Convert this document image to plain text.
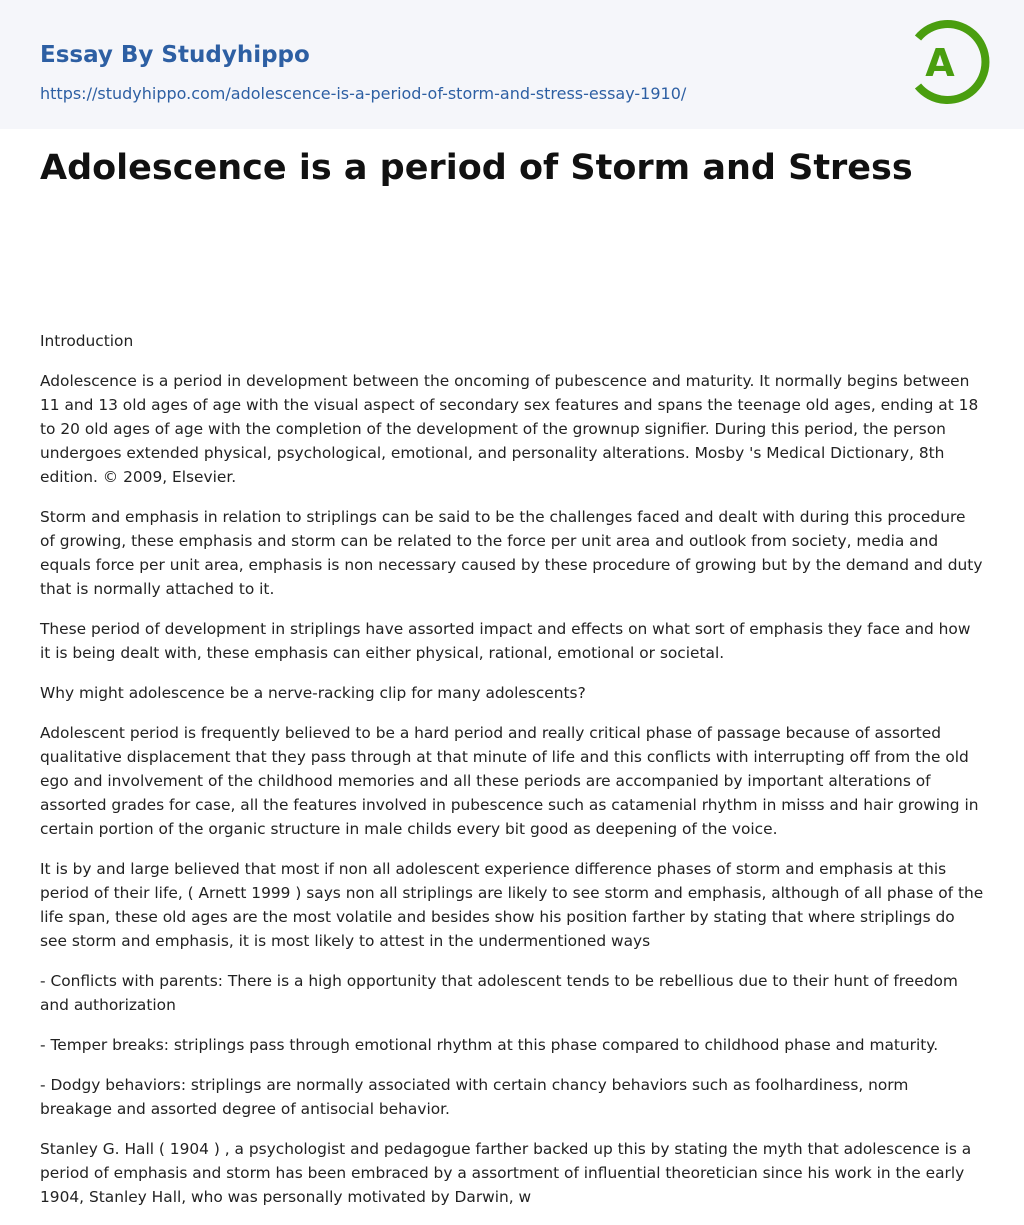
Essay By Studyhippo
https://studyhippo.com/adolescence-is-a-period-of-storm-and-stress-essay-1910/
A
Adolescence is a period of Storm and Stress

Introduction

Adolescence is a period in development between the oncoming of pubescence and maturity. It normally begins between 11 and 13 old ages of age with the visual aspect of secondary sex features and spans the teenage old ages, ending at 18 to 20 old ages of age with the completion of the development of the grownup signifier. During this period, the person undergoes extended physical, psychological, emotional, and personality alterations. Mosby 's Medical Dictionary, 8th edition. © 2009, Elsevier.

Storm and emphasis in relation to striplings can be said to be the challenges faced and dealt with during this procedure of growing, these emphasis and storm can be related to the force per unit area and outlook from society, media and equals force per unit area, emphasis is non necessary caused by these procedure of growing but by the demand and duty that is normally attached to it.

These period of development in striplings have assorted impact and effects on what sort of emphasis they face and how it is being dealt with, these emphasis can either physical, rational, emotional or societal.

Why might adolescence be a nerve-racking clip for many adolescents?

Adolescent period is frequently believed to be a hard period and really critical phase of passage because of assorted qualitative displacement that they pass through at that minute of life and this conflicts with interrupting off from the old ego and involvement of the childhood memories and all these periods are accompanied by important alterations of assorted grades for case, all the features involved in pubescence such as catamenial rhythm in misss and hair growing in certain portion of the organic structure in male childs every bit good as deepening of the voice.

It is by and large believed that most if non all adolescent experience difference phases of storm and emphasis at this period of their life, ( Arnett 1999 ) says non all striplings are likely to see storm and emphasis, although of all phase of the life span, these old ages are the most volatile and besides show his position farther by stating that where striplings do see storm and emphasis, it is most likely to attest in the undermentioned ways

- Conflicts with parents: There is a high opportunity that adolescent tends to be rebellious due to their hunt of freedom and authorization

- Temper breaks: striplings pass through emotional rhythm at this phase compared to childhood phase and maturity.

- Dodgy behaviors: striplings are normally associated with certain chancy behaviors such as foolhardiness, norm breakage and assorted degree of antisocial behavior.

Stanley G. Hall ( 1904 ) , a psychologist and pedagogue farther backed up this by stating the myth that adolescence is a period of emphasis and storm has been embraced by a assortment of influential theoretician since his work in the early 1904, Stanley Hall, who was personally motivated by Darwin, w
